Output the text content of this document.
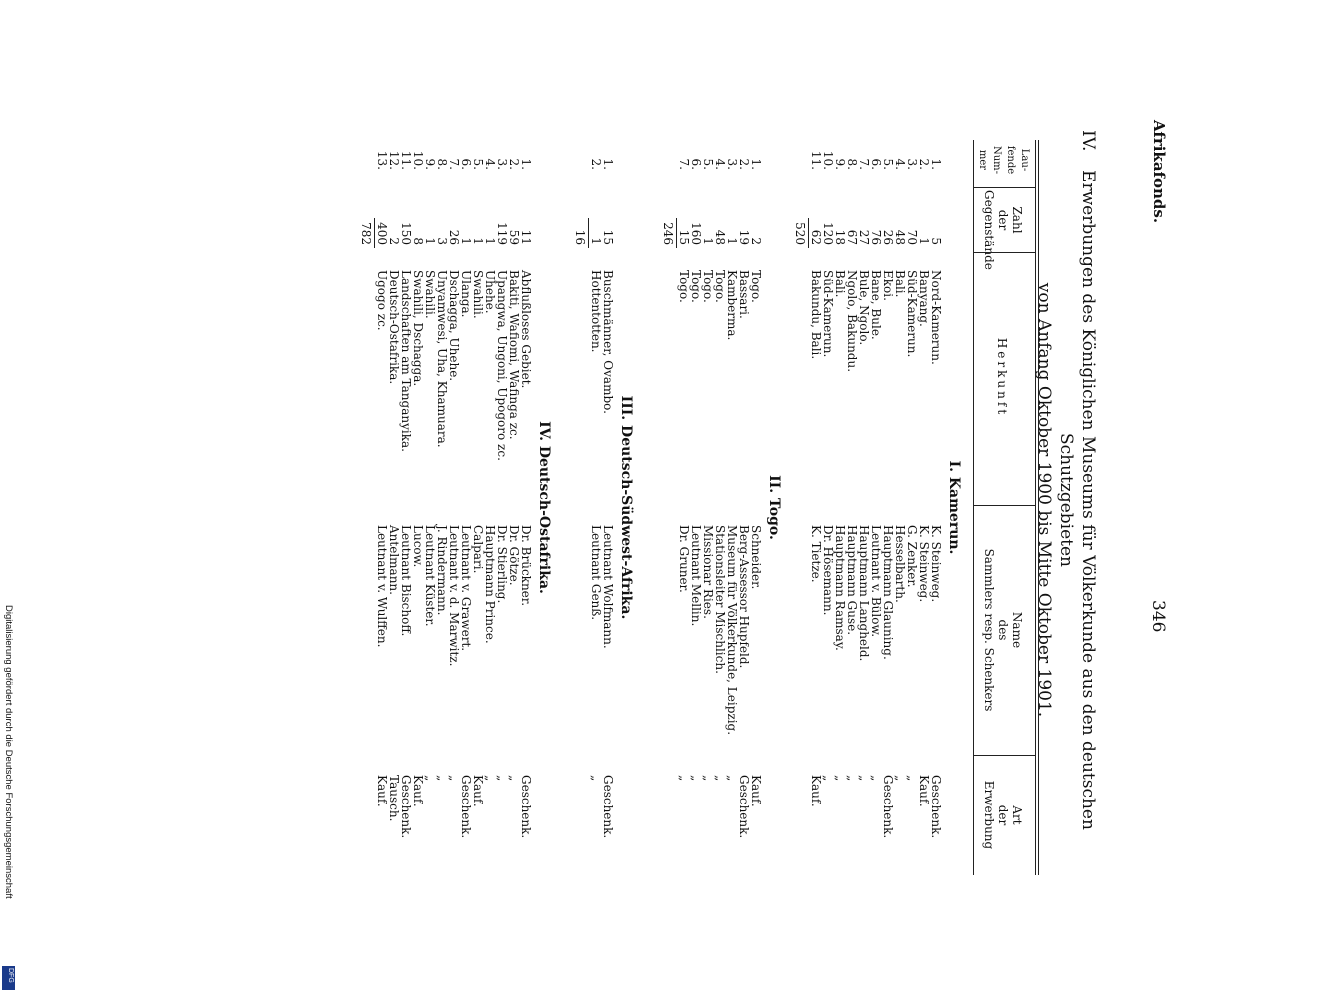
Afrikafonds.
346
IV.
Erwerbungen des Königlichen Museums für Völkerkunde aus den deutschen Schutzgebieten
von Anfang Oktober 1900 bis Mitte Oktober 1901.
Lau-
fende
Num-
mer
Zahl
der
Gegenstände
Herkunft
Name
des
Sammlers resp. Schenkers
Art
der
Erwerbung
I. Kamerun.
1.
5
Nord-Kamerun.
K. Steinweg.
Geschenk.
2.
1
Banyang.
K. Steinweg.
Kauf.
3.
70
Süd-Kamerun.
G. Zenker.
„
4.
48
Bali.
Hesselbarth.
„
5.
26
Ekoi.
Hauptmann Glauning.
Geschenk.
6.
76
Bane, Bule.
Leutnant v. Bülow.
„
7.
27
Bule, Ngolo.
Hauptmann Langheld.
„
8.
67
Ngolo, Bakundu.
Hauptmann Guse.
„
9.
18
Bali.
Hauptmann Ramsay.
„
10.
120
Süd-Kamerun.
Dr. Hösemann.
„
11.
62
Bakundu, Bali.
K. Tietze.
Kauf.
520
II. Togo.
1.
2
Togo.
Schneider.
Kauf.
2.
19
Bassari.
Berg-Assessor Hupfeld.
Geschenk.
3.
1
Kamberma.
Museum für Völkerkunde, Leipzig.
„
4.
48
Togo.
Stationsleiter Mischlich.
„
5.
1
Togo.
Missionar Ries.
„
6.
160
Togo.
Leutnant Mellin.
„
7.
15
Togo.
Dr. Gruner.
„
246
III. Deutsch-Südwest-Afrika.
1.
15
Buschmänner, Ovambo.
Leutnant Wolfmann.
Geschenk.
2.
1
Hottentotten.
Leutnant Genß.
„
16
IV. Deutsch-Ostafrika.
1.
11
Abflußloses Gebiet.
Dr. Brückner.
Geschenk.
2.
59
Bakiti, Wafiomi, Wafinga zc.
Dr. Götze.
„
3.
119
Upangwa, Ungoni, Upogoro zc.
Dr. Stierling.
„
4.
1
Uhehe.
Hauptmann Prince.
„
5.
1
Swahili.
Calpari.
Kauf.
6.
1
Ulanga.
Leutnant v. Grawert.
Geschenk.
7.
26
Dschagga, Uhehe.
Leutnant v. d. Marwitz.
„
8.
3
Unyamwesi, Uha, Khamuara.
J. Rindermann.
„
9.
1
Swahili.
Leutnant Küster.
„
10.
8
Swahili, Dschagga.
Lucow.
Kauf.
11.
150
Landschaften am Tanganyika.
Leutnant Bischoff.
Geschenk.
12.
2
Deutsch-Ostafrika.
Antelmann.
Tausch.
13.
400
Ugogo zc.
Leutnant v. Wulffen.
Kauf.
782
Digitalisierung gefördert durch die Deutsche Forschungsgemeinschaft
DFG
